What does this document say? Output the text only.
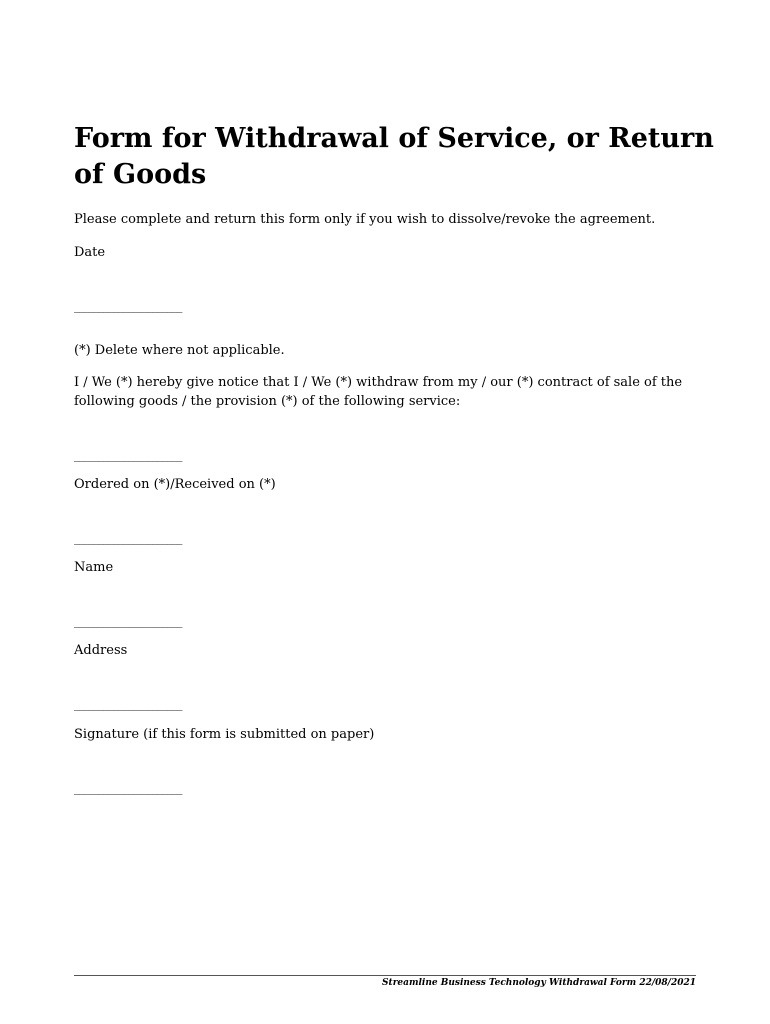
Form for Withdrawal of Service, or Return of Goods

Please complete and return this form only if you wish to dissolve/revoke the agreement.

Date

______________________

(*) Delete where not applicable.

I / We (*) hereby give notice that I / We (*) withdraw from my / our (*) contract of sale of the following goods / the provision (*) of the following service:

______________________

Ordered on (*)/Received on (*)

______________________

Name

______________________

Address

______________________

Signature (if this form is submitted on paper)

______________________

Streamline Business Technology Withdrawal Form 22/08/2021
